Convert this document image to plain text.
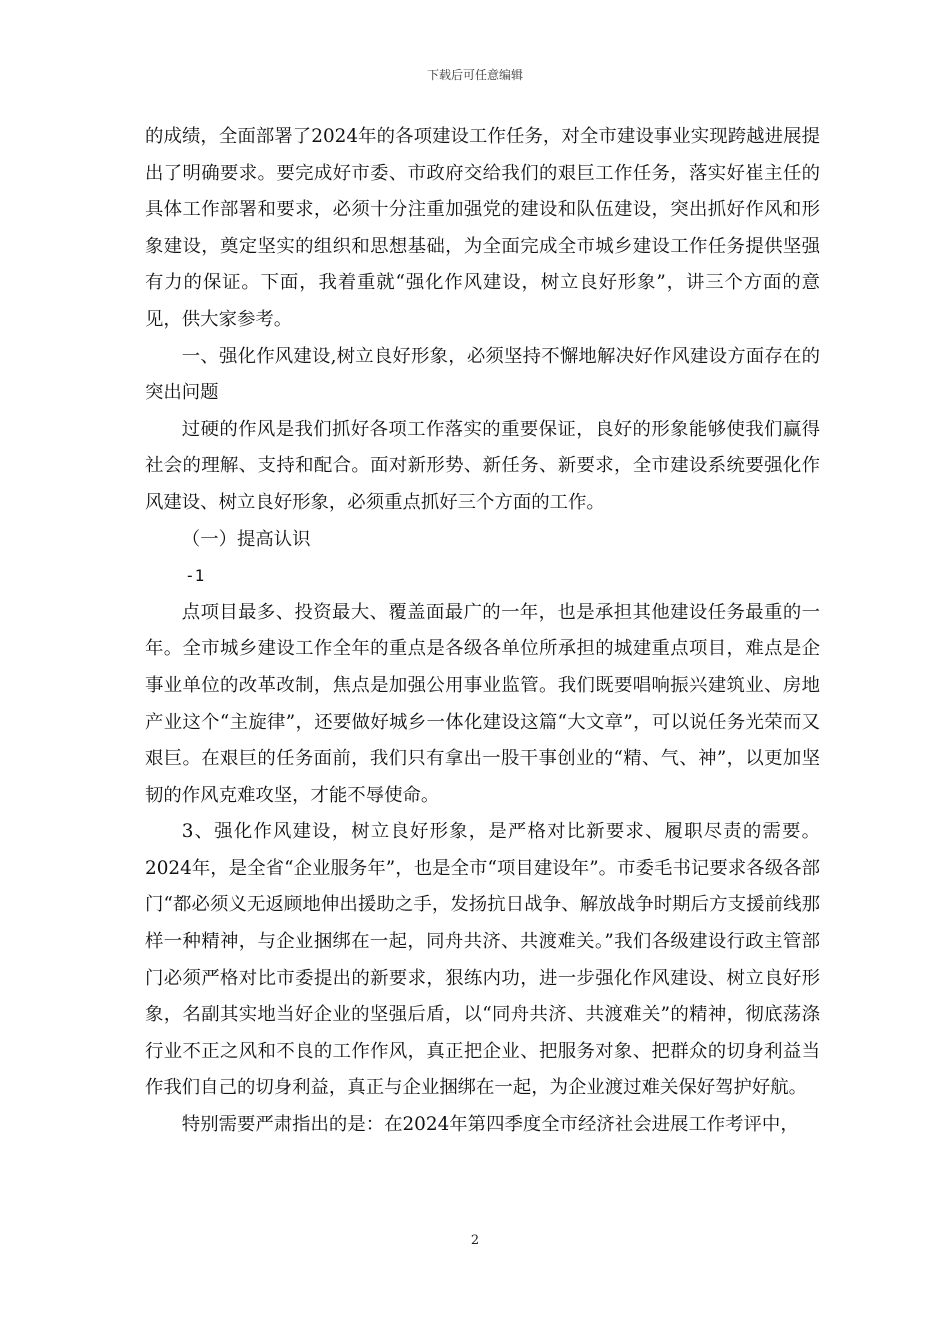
下载后可任意编辑

的成绩，全面部署了2024年的各项建设工作任务，对全市建设事业实现跨越进展提出了明确要求。要完成好市委、市政府交给我们的艰巨工作任务，落实好崔主任的具体工作部署和要求，必须十分注重加强党的建设和队伍建设，突出抓好作风和形象建设，奠定坚实的组织和思想基础，为全面完成全市城乡建设工作任务提供坚强有力的保证。下面，我着重就“强化作风建设，树立良好形象”，讲三个方面的意见，供大家参考。

一、强化作风建设,树立良好形象，必须坚持不懈地解决好作风建设方面存在的突出问题

过硬的作风是我们抓好各项工作落实的重要保证，良好的形象能够使我们赢得社会的理解、支持和配合。面对新形势、新任务、新要求，全市建设系统要强化作风建设、树立良好形象，必须重点抓好三个方面的工作。

（一）提高认识

-1

点项目最多、投资最大、覆盖面最广的一年，也是承担其他建设任务最重的一年。全市城乡建设工作全年的重点是各级各单位所承担的城建重点项目，难点是企事业单位的改革改制，焦点是加强公用事业监管。我们既要唱响振兴建筑业、房地产业这个“主旋律”，还要做好城乡一体化建设这篇“大文章”，可以说任务光荣而又艰巨。在艰巨的任务面前，我们只有拿出一股干事创业的“精、气、神”，以更加坚韧的作风克难攻坚，才能不辱使命。

3、强化作风建设，树立良好形象，是严格对比新要求、履职尽责的需要。2024年，是全省“企业服务年”，也是全市“项目建设年”。市委毛书记要求各级各部门“都必须义无返顾地伸出援助之手，发扬抗日战争、解放战争时期后方支援前线那样一种精神，与企业捆绑在一起，同舟共济、共渡难关。”我们各级建设行政主管部门必须严格对比市委提出的新要求，狠练内功，进一步强化作风建设、树立良好形象，名副其实地当好企业的坚强后盾，以“同舟共济、共渡难关”的精神，彻底荡涤行业不正之风和不良的工作作风，真正把企业、把服务对象、把群众的切身利益当作我们自己的切身利益，真正与企业捆绑在一起，为企业渡过难关保好驾护好航。

特别需要严肃指出的是：在2024年第四季度全市经济社会进展工作考评中，

2
